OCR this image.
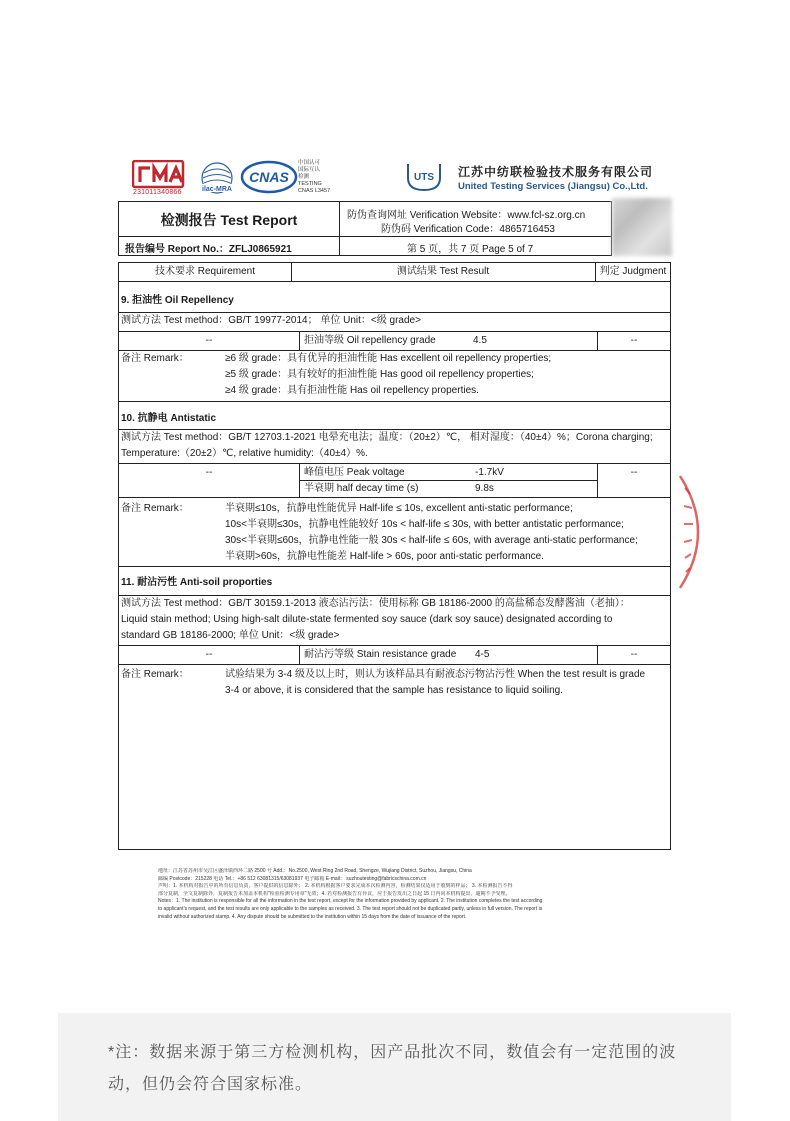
231011340866	ilac-MRA
CNAS
中国认可
国际互认
检测
TESTING
CNAS L3457
UTS 江苏中纺联检验技术服务有限公司
United Testing Services (Jiangsu) Co.,Ltd.
检测报告 Test Report	防伪查询网址 Verification Website：www.fcl-sz.org.cn
防伪码 Verification Code：4865716453
报告编号 Report No.：ZFLJ0865921	第 5 页，共 7 页 Page 5 of 7
技术要求 Requirement	测试结果 Test Result	判定 Judgment
9. 拒油性 Oil Repellency
测试方法 Test method：GB/T 19977-2014； 单位 Unit：<级 grade>
--	拒油等级 Oil repellency grade	4.5	--
备注 Remark：	≥6 级 grade：具有优异的拒油性能 Has excellent oil repellency properties;
≥5 级 grade：具有较好的拒油性能 Has good oil repellency properties;
≥4 级 grade：具有拒油性能 Has oil repellency properties.
10. 抗静电 Antistatic
测试方法 Test method：GB/T 12703.1-2021 电晕充电法；温度：（20±2）℃， 相对湿度：（40±4）%；Corona charging;
Temperature:（20±2）℃, relative humidity:（40±4）%.
--	峰值电压 Peak voltage	-1.7kV
半衰期 half decay time (s)	9.8s
--
备注 Remark：	半衰期≤10s，抗静电性能优异 Half-life ≤ 10s, excellent anti-static performance;
10s<半衰期≤30s，抗静电性能较好 10s < half-life ≤ 30s, with better antistatic performance;
30s<半衰期≤60s，抗静电性能一般 30s < half-life ≤ 60s, with average anti-static performance;
半衰期>60s，抗静电性能差 Half-life > 60s, poor anti-static performance.
11. 耐沾污性 Anti-soil proporties
测试方法 Test method：GB/T 30159.1-2013 液态沾污法：使用标称 GB 18186-2000 的高盐稀态发酵酱油（老抽）：
Liquid stain method; Using high-salt dilute-state fermented soy sauce (dark soy sauce) designated according to
standard GB 18186-2000; 单位 Unit：<级 grade>
--	耐沾污等级 Stain resistance grade 4-5	--
备注 Remark：	试验结果为 3-4 级及以上时，则认为该样品具有耐液态污物沾污性 When the test result is grade
3-4 or above, it is considered that the sample has resistance to liquid soiling.
地址：江苏省苏州市吴江区盛泽镇西环二路 2500 号 Add.：No.2500, West Ring 2nd Road, Shengze, Wujiang District, Suzhou, Jiangsu, China
邮编 Postcode：215228 电话 Tel.：+86 512 63081315/63081937 电子邮箱 E-mail： suzhoutesting@fabricschina.com.cn
声明：1. 本机构对报告中的所有信息负责，客户提供的信息除外； 2. 本机构根据客户要求完成本次检测内容，检测结果仅适用于收到的样品； 3. 本检测报告不得
部分复制，全文复制除外，复制报告未加盖本机构"检验检测专用章"无效；4. 若对检测报告有异议，应于报告发出之日起 15 日内向本机构提出，逾期不予受理。
Notes：1. The institution is responsible for all the information in the test report, except for the information provided by applicant. 2. The institution completes the test according
to applicant's request, and the test results are only applicable to the samples as received. 3. The test report should not be duplicated partly, unless in full version. The report is
invalid without authorized stamp. 4. Any dispute should be submitted to the institution within 15 days from the date of issuance of the report.
*注：数据来源于第三方检测机构，因产品批次不同，数值会有一定范围的波动，但仍会符合国家标准。
